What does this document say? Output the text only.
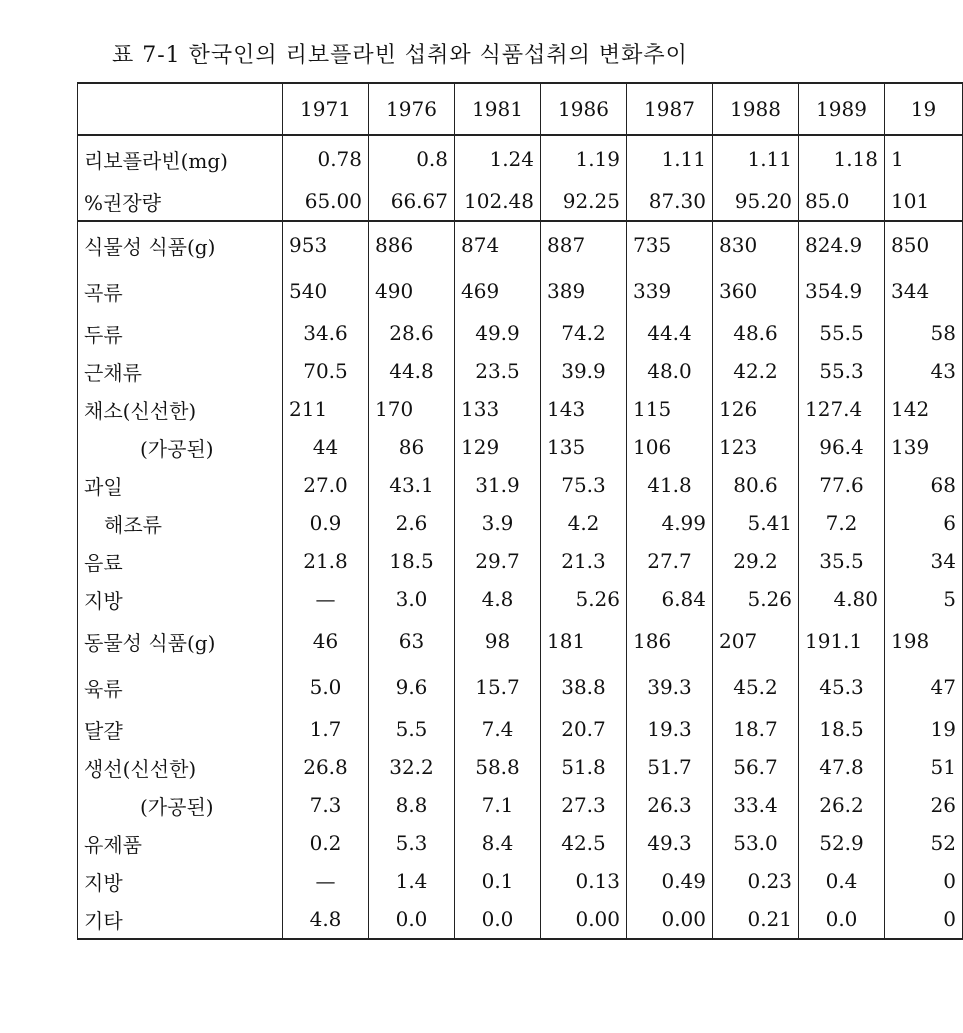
표 7-1 한국인의 리보플라빈 섭취와 식품섭취의 변화추이
	1971	1976	1981	1986	1987	1988	1989	19
리보플라빈(mg)	0.78	0.8	1.24	1.19	1.11	1.11	1.18	1
%권장량	65.00	66.67	102.48	92.25	87.30	95.20	85.0	101
식물성 식품(g)	953	886	874	887	735	830	824.9	850
곡류	540	490	469	389	339	360	354.9	344
두류	34.6	28.6	49.9	74.2	44.4	48.6	55.5	58
근채류	70.5	44.8	23.5	39.9	48.0	42.2	55.3	43
채소(신선한)	211	170	133	143	115	126	127.4	142
(가공된)	44	86	129	135	106	123	96.4	139
과일	27.0	43.1	31.9	75.3	41.8	80.6	77.6	68
해조류	0.9	2.6	3.9	4.2	4.99	5.41	7.2	6
음료	21.8	18.5	29.7	21.3	27.7	29.2	35.5	34
지방	—	3.0	4.8	5.26	6.84	5.26	4.80	5
동물성 식품(g)	46	63	98	181	186	207	191.1	198
육류	5.0	9.6	15.7	38.8	39.3	45.2	45.3	47
달걀	1.7	5.5	7.4	20.7	19.3	18.7	18.5	19
생선(신선한)	26.8	32.2	58.8	51.8	51.7	56.7	47.8	51
(가공된)	7.3	8.8	7.1	27.3	26.3	33.4	26.2	26
유제품	0.2	5.3	8.4	42.5	49.3	53.0	52.9	52
지방	—	1.4	0.1	0.13	0.49	0.23	0.4	0
기타	4.8	0.0	0.0	0.00	0.00	0.21	0.0	0
